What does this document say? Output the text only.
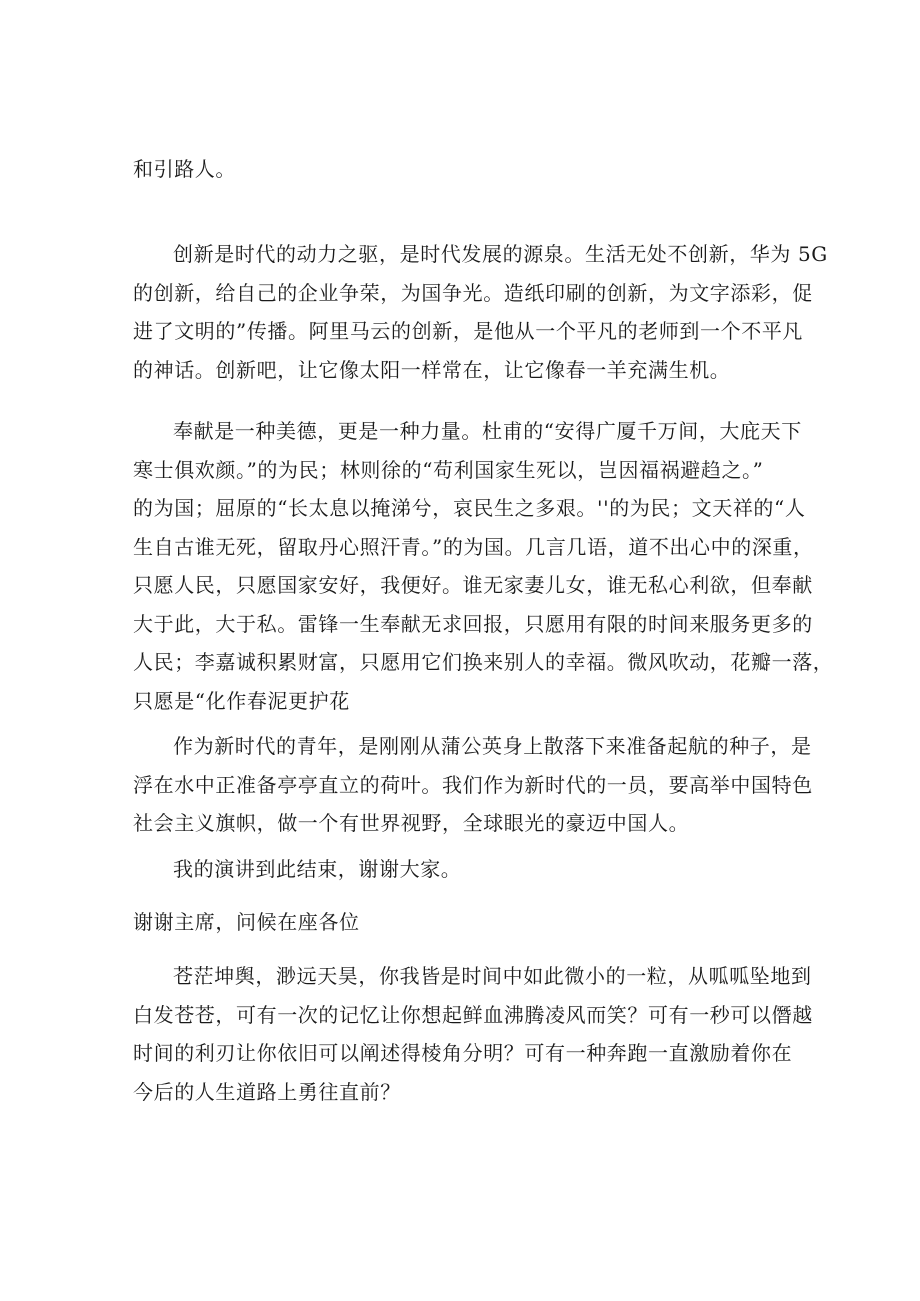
和引路人。
创新是时代的动力之驱，是时代发展的源泉。生活无处不创新，华为 5G
的创新，给自己的企业争荣，为国争光。造纸印刷的创新，为文字添彩，促
进了文明的”传播。阿里马云的创新，是他从一个平凡的老师到一个不平凡
的神话。创新吧，让它像太阳一样常在，让它像春一羊充满生机。
奉献是一种美德，更是一种力量。杜甫的“安得广厦千万间，大庇天下
寒士俱欢颜。”的为民；林则徐的“苟利国家生死以，岂因福祸避趋之。”
的为国；屈原的“长太息以掩涕兮，哀民生之多艰。''的为民；文天祥的“人
生自古谁无死，留取丹心照汗青。”的为国。几言几语，道不出心中的深重，
只愿人民，只愿国家安好，我便好。谁无家妻儿女，谁无私心利欲，但奉献
大于此，大于私。雷锋一生奉献无求回报，只愿用有限的时间来服务更多的
人民；李嘉诚积累财富，只愿用它们换来别人的幸福。微风吹动，花瓣一落，
只愿是“化作春泥更护花
作为新时代的青年，是刚刚从蒲公英身上散落下来准备起航的种子，是
浮在水中正准备亭亭直立的荷叶。我们作为新时代的一员，要高举中国特色
社会主义旗帜，做一个有世界视野，全球眼光的豪迈中国人。
我的演讲到此结束，谢谢大家。
谢谢主席，问候在座各位
苍茫坤舆，渺远天昊，你我皆是时间中如此微小的一粒，从呱呱坠地到
白发苍苍，可有一次的记忆让你想起鲜血沸腾凌风而笑？可有一秒可以僭越
时间的利刃让你依旧可以阐述得棱角分明？可有一种奔跑一直激励着你在
今后的人生道路上勇往直前？
